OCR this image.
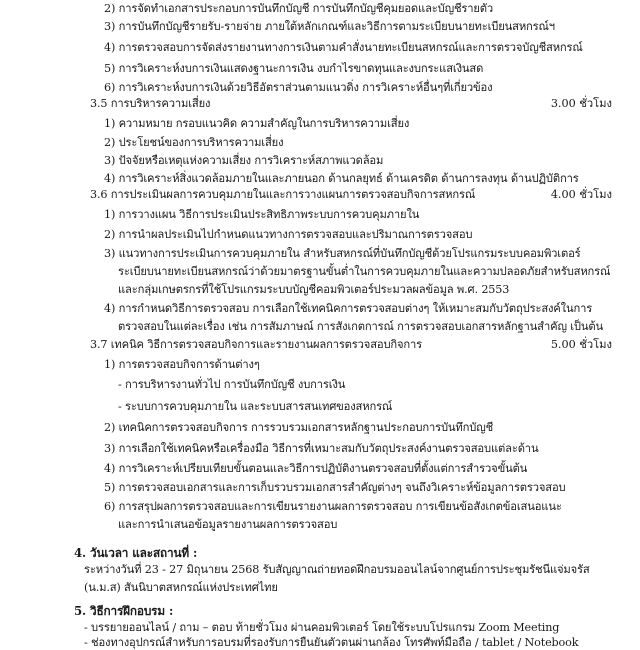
2) การจัดทำเอกสารประกอบการบันทึกบัญชี การบันทึกบัญชีคุมยอดและบัญชีรายตัว
3) การบันทึกบัญชีรายรับ-รายจ่าย ภายใต้หลักเกณฑ์และวิธีการตามระเบียบนายทะเบียนสหกรณ์ฯ
4) การตรวจสอบการจัดส่งรายงานทางการเงินตามคำสั่งนายทะเบียนสหกรณ์และการตรวจบัญชีสหกรณ์
5) การวิเคราะห์งบการเงินแสดงฐานะการเงิน งบกำไรขาดทุนและงบกระแสเงินสด
6) การวิเคราะห์งบการเงินด้วยวิธีอัตราส่วนตามแนวดิ่ง การวิเคราะห์อื่นๆที่เกี่ยวข้อง
3.5 การบริหารความเสี่ยง	3.00 ชั่วโมง
1) ความหมาย กรอบแนวคิด ความสำคัญในการบริหารความเสี่ยง
2) ประโยชน์ของการบริหารความเสี่ยง
3) ปัจจัยหรือเหตุแห่งความเสี่ยง การวิเคราะห์สภาพแวดล้อม
4) การวิเคราะห์สิ่งแวดล้อมภายในและภายนอก ด้านกลยุทธ์ ด้านเครดิต ด้านการลงทุน ด้านปฏิบัติการ
3.6 การประเมินผลการควบคุมภายในและการวางแผนการตรวจสอบกิจการสหกรณ์	4.00 ชั่วโมง
1) การวางแผน วิธีการประเมินประสิทธิภาพระบบการควบคุมภายใน
2) การนำผลประเมินไปกำหนดแนวทางการตรวจสอบและปริมาณการตรวจสอบ
3) แนวทางการประเมินการควบคุมภายใน สำหรับสหกรณ์ที่บันทึกบัญชีด้วยโปรแกรมระบบคอมพิวเตอร์
ระเบียบนายทะเบียนสหกรณ์ว่าด้วยมาตรฐานขั้นต่ำในการควบคุมภายในและความปลอดภัยสำหรับสหกรณ์
และกลุ่มเกษตรกรที่ใช้โปรแกรมระบบบัญชีคอมพิวเตอร์ประมวลผลข้อมูล พ.ศ. 2553
4) การกำหนดวิธีการตรวจสอบ การเลือกใช้เทคนิคการตรวจสอบต่างๆ ให้เหมาะสมกับวัตถุประสงค์ในการ
ตรวจสอบในแต่ละเรื่อง เช่น การสัมภาษณ์ การสังเกตการณ์ การตรวจสอบเอกสารหลักฐานสำคัญ เป็นต้น
3.7 เทคนิค วิธีการตรวจสอบกิจการและรายงานผลการตรวจสอบกิจการ	5.00 ชั่วโมง
1) การตรวจสอบกิจการด้านต่างๆ
- การบริหารงานทั่วไป การบันทึกบัญชี งบการเงิน
- ระบบการควบคุมภายใน และระบบสารสนเทศของสหกรณ์
2) เทคนิคการตรวจสอบกิจการ การรวบรวมเอกสารหลักฐานประกอบการบันทึกบัญชี
3) การเลือกใช้เทคนิคหรือเครื่องมือ วิธีการที่เหมาะสมกับวัตถุประสงค์งานตรวจสอบแต่ละด้าน
4) การวิเคราะห์เปรียบเทียบขั้นตอนและวิธีการปฏิบัติงานตรวจสอบที่ตั้งแต่การสำรวจขั้นต้น
5) การตรวจสอบเอกสารและการเก็บรวบรวมเอกสารสำคัญต่างๆ จนถึงวิเคราะห์ข้อมูลการตรวจสอบ
6) การสรุปผลการตรวจสอบและการเขียนรายงานผลการตรวจสอบ การเขียนข้อสังเกตข้อเสนอแนะ
และการนำเสนอข้อมูลรายงานผลการตรวจสอบ
4. วันเวลา และสถานที่ :
ระหว่างวันที่ 23 - 27 มิถุนายน 2568 รับสัญญาณถ่ายทอดฝึกอบรมออนไลน์จากศูนย์การประชุมรัชนีแจ่มจรัส
(น.ม.ส) สันนิบาตสหกรณ์แห่งประเทศไทย
5. วิธีการฝึกอบรม :
- บรรยายออนไลน์ / ถาม – ตอบ ท้ายชั่วโมง ผ่านคอมพิวเตอร์ โดยใช้ระบบโปรแกรม Zoom Meeting
- ช่องทางอุปกรณ์สำหรับการอบรมที่รองรับการยืนยันตัวตนผ่านกล้อง โทรศัพท์มือถือ / tablet / Notebook
